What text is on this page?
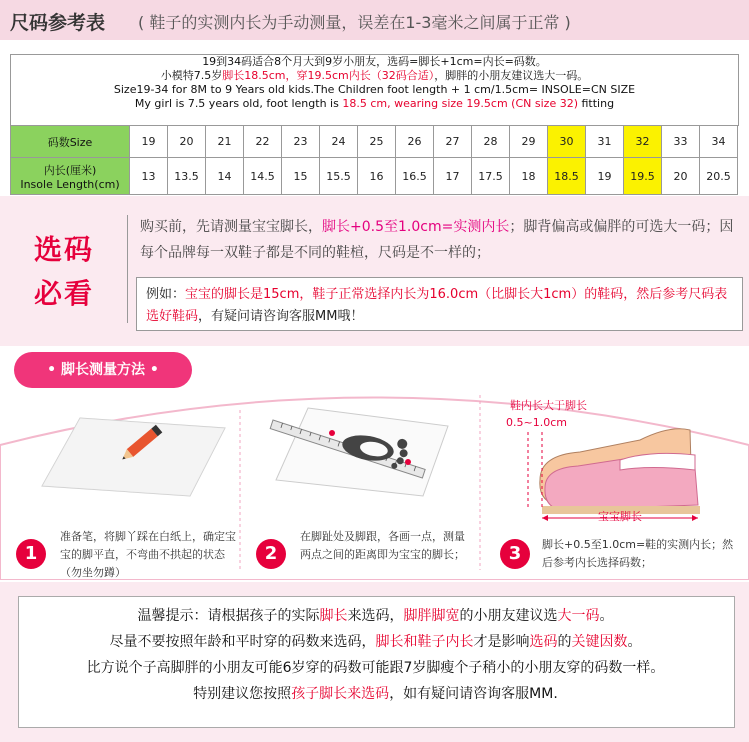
尺码参考表 ( 鞋子的实测内长为手动测量，误差在1-3毫米之间属于正常 )
19到34码适合8个月大到9岁小朋友，选码=脚长+1cm=内长=码数。
小模特7.5岁脚长18.5cm，穿19.5cm内长（32码合适），脚胖的小朋友建议选大一码。
Size19-34 for 8M to 9 Years old kids.The Children foot length + 1 cm/1.5cm= INSOLE=CN SIZE
My girl is 7.5 years old, foot length is 18.5 cm, wearing size 19.5cm (CN size 32) fitting
码数Size	19	20	21	22	23	24	25	26	27	28	29	30	31	32	33	34

内长(厘米)
Insole Length(cm)	13	13.5	14	14.5	15	15.5	16	16.5	17	17.5	18	18.5	19	19.5	20	20.5
选码
必看
购买前，先请测量宝宝脚长，脚长+0.5至1.0cm=实测内长；脚背偏高或偏胖的可选大一码；因每个品牌每一双鞋子都是不同的鞋楦，尺码是不一样的；
例如：宝宝的脚长是15cm，鞋子正常选择内长为16.0cm（比脚长大1cm）的鞋码，然后参考尺码表选好鞋码，有疑问请咨询客服MM哦！
• 脚长测量方法 •
鞋内长大于脚长
0.5~1.0cm
宝宝脚长
1
准备笔，将脚丫踩在白纸上，确定宝宝的脚平直，不弯曲不拱起的状态（勿坐勿蹲）
2
在脚趾处及脚跟，各画一点，测量两点之间的距离即为宝宝的脚长；	3	脚长+0.5至1.0cm=鞋的实测内长；然后参考内长选择码数；
温馨提示：请根据孩子的实际脚长来选码，脚胖脚宽的小朋友建议选大一码。
尽量不要按照年龄和平时穿的码数来选码，脚长和鞋子内长才是影响选码的关键因数。
比方说个子高脚胖的小朋友可能6岁穿的码数可能跟7岁脚瘦个子稍小的小朋友穿的码数一样。
特别建议您按照孩子脚长来选码，如有疑问请咨询客服MM.
